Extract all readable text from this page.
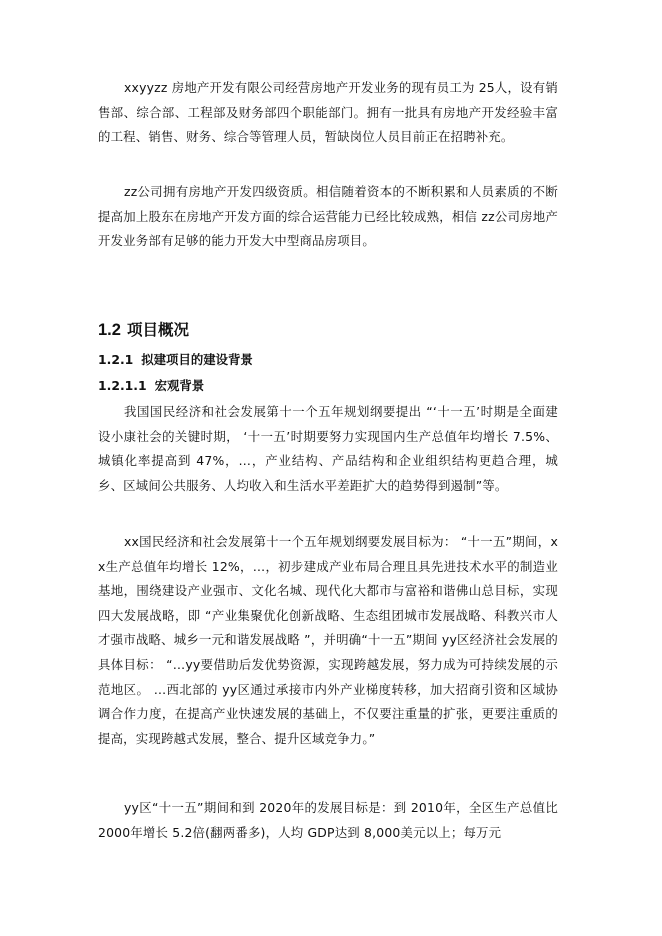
xxyyzz 房地产开发有限公司经营房地产开发业务的现有员工为 25人，设有销售部、综合部、工程部及财务部四个职能部门。拥有一批具有房地产开发经验丰富的工程、销售、财务、综合等管理人员，暂缺岗位人员目前正在招聘补充。

zz公司拥有房地产开发四级资质。相信随着资本的不断积累和人员素质的不断提高加上股东在房地产开发方面的综合运营能力已经比较成熟，相信 zz公司房地产开发业务部有足够的能力开发大中型商品房项目。

1.2 项目概况
1.2.1 拟建项目的建设背景
1.2.1.1 宏观背景

我国国民经济和社会发展第十一个五年规划纲要提出 “‘十一五’时期是全面建设小康社会的关键时期， ‘十一五’时期要努力实现国内生产总值年均增长 7.5%、城镇化率提高到 47%，…，产业结构、产品结构和企业组织结构更趋合理，城乡、区域间公共服务、人均收入和生活水平差距扩大的趋势得到遏制”等。

xx国民经济和社会发展第十一个五年规划纲要发展目标为： “十一五”期间，xx生产总值年均增长 12%，…，初步建成产业布局合理且具先进技术水平的制造业基地，围绕建设产业强市、文化名城、现代化大都市与富裕和谐佛山总目标，实现四大发展战略，即 “产业集聚优化创新战略、生态组团城市发展战略、科教兴市人才强市战略、城乡一元和谐发展战略 ”，并明确“十一五”期间 yy区经济社会发展的具体目标： “…yy要借助后发优势资源，实现跨越发展，努力成为可持续发展的示范地区。 …西北部的 yy区通过承接市内外产业梯度转移，加大招商引资和区域协调合作力度，在提高产业快速发展的基础上，不仅要注重量的扩张，更要注重质的提高，实现跨越式发展，整合、提升区域竞争力。”

yy区“十一五”期间和到 2020年的发展目标是：到 2010年，全区生产总值比 2000年增长 5.2倍(翻两番多)，人均 GDP达到 8,000美元以上；每万元
